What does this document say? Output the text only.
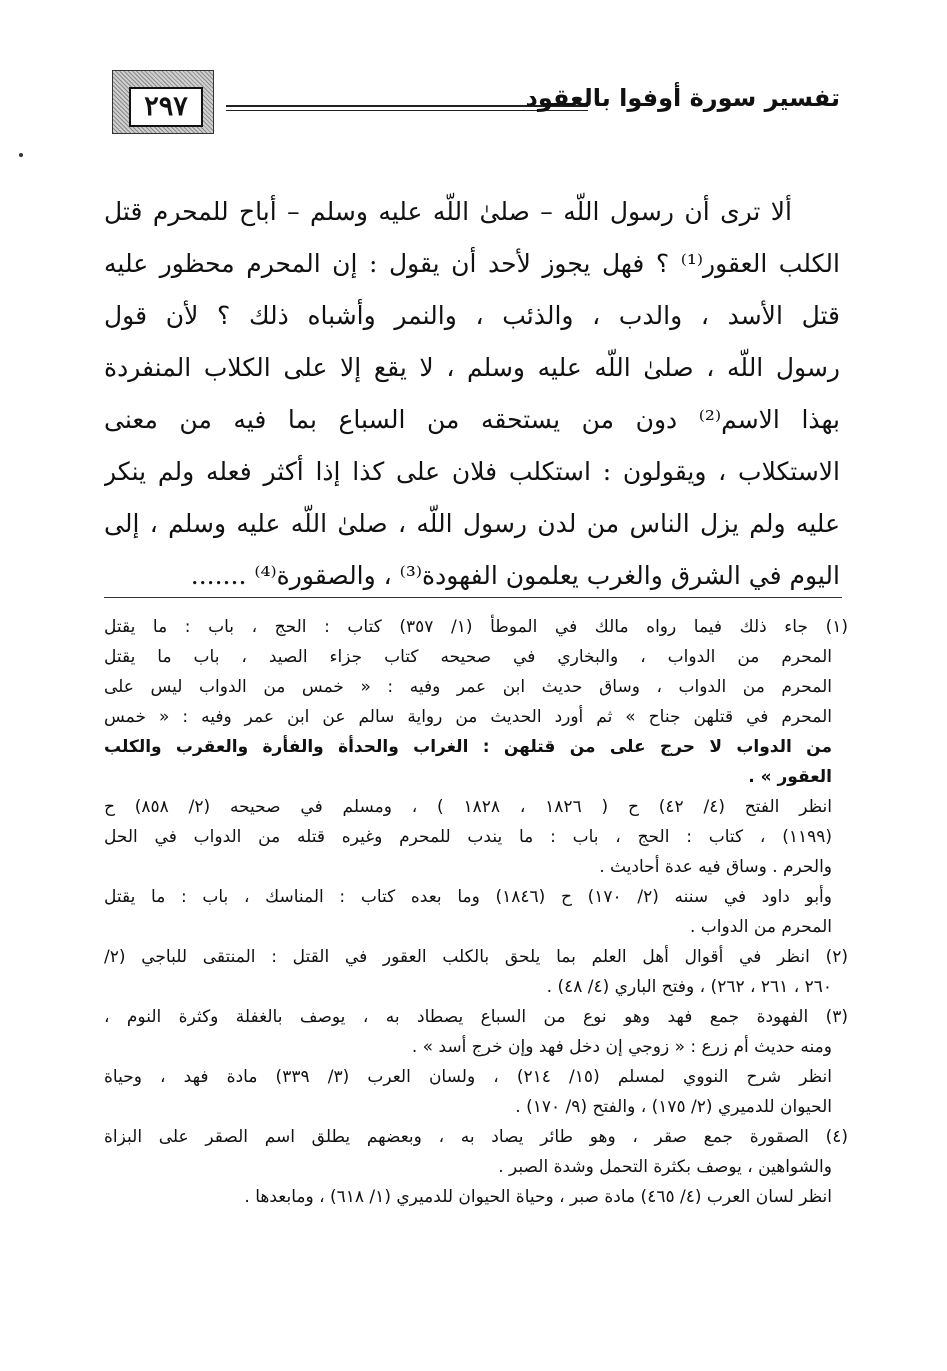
٢٩٧	تفسير سورة أوفوا بالعقود
ألا ترى أن رسول اللّه – صلىٰ اللّه عليه وسلم – أباح للمحرم قتل
الكلب العقور⁽¹⁾ ؟ فهل يجوز لأحد أن يقول : إن المحرم محظور عليه
قتل الأسد ، والدب ، والذئب ، والنمر وأشباه ذلك ؟ لأن قول
رسول اللّه ، صلىٰ اللّه عليه وسلم ، لا يقع إلا على الكلاب المنفردة
بهذا الاسم⁽²⁾ دون من يستحقه من السباع بما فيه من معنى
الاستكلاب ، ويقولون : استكلب فلان على كذا إذا أكثر فعله ولم ينكر
عليه ولم يزل الناس من لدن رسول اللّه ، صلىٰ اللّه عليه وسلم ، إلى
اليوم في الشرق والغرب يعلمون الفهودة⁽³⁾ ، والصقورة⁽⁴⁾ .......
(١) جاء ذلك فيما رواه مالك في الموطأ (١/ ٣٥٧) كتاب : الحج ، باب : ما يقتل
المحرم من الدواب ، والبخاري في صحيحه كتاب جزاء الصيد ، باب ما يقتل
المحرم من الدواب ، وساق حديث ابن عمر وفيه : « خمس من الدواب ليس على
المحرم في قتلهن جناح » ثم أورد الحديث من رواية سالم عن ابن عمر وفيه : « خمس
من الدواب لا حرج على من قتلهن : الغراب والحدأة والفأرة والعقرب والكلب
العقور » .
انظر الفتح (٤/ ٤٢) ح ( ١٨٢٦ ، ١٨٢٨ ) ، ومسلم في صحيحه (٢/ ٨٥٨) ح
(١١٩٩) ، كتاب : الحج ، باب : ما يندب للمحرم وغيره قتله من الدواب في الحل
والحرم . وساق فيه عدة أحاديث .
وأبو داود في سننه (٢/ ١٧٠) ح (١٨٤٦) وما بعده كتاب : المناسك ، باب : ما يقتل
المحرم من الدواب .
(٢) انظر في أقوال أهل العلم بما يلحق بالكلب العقور في القتل : المنتقى للباجي (٢/
٢٦٠ ، ٢٦١ ، ٢٦٢) ، وفتح الباري (٤/ ٤٨) .
(٣) الفهودة جمع فهد وهو نوع من السباع يصطاد به ، يوصف بالغفلة وكثرة النوم ،
ومنه حديث أم زرع : « زوجي إن دخل فهد وإن خرج أسد » .
انظر شرح النووي لمسلم (١٥/ ٢١٤) ، ولسان العرب (٣/ ٣٣٩) مادة فهد ، وحياة
الحيوان للدميري (٢/ ١٧٥) ، والفتح (٩/ ١٧٠) .
(٤) الصقورة جمع صقر ، وهو طائر يصاد به ، وبعضهم يطلق اسم الصقر على البزاة
والشواهين ، يوصف بكثرة التحمل وشدة الصبر .
انظر لسان العرب (٤/ ٤٦٥) مادة صبر ، وحياة الحيوان للدميري (١/ ٦١٨) ، ومابعدها .
